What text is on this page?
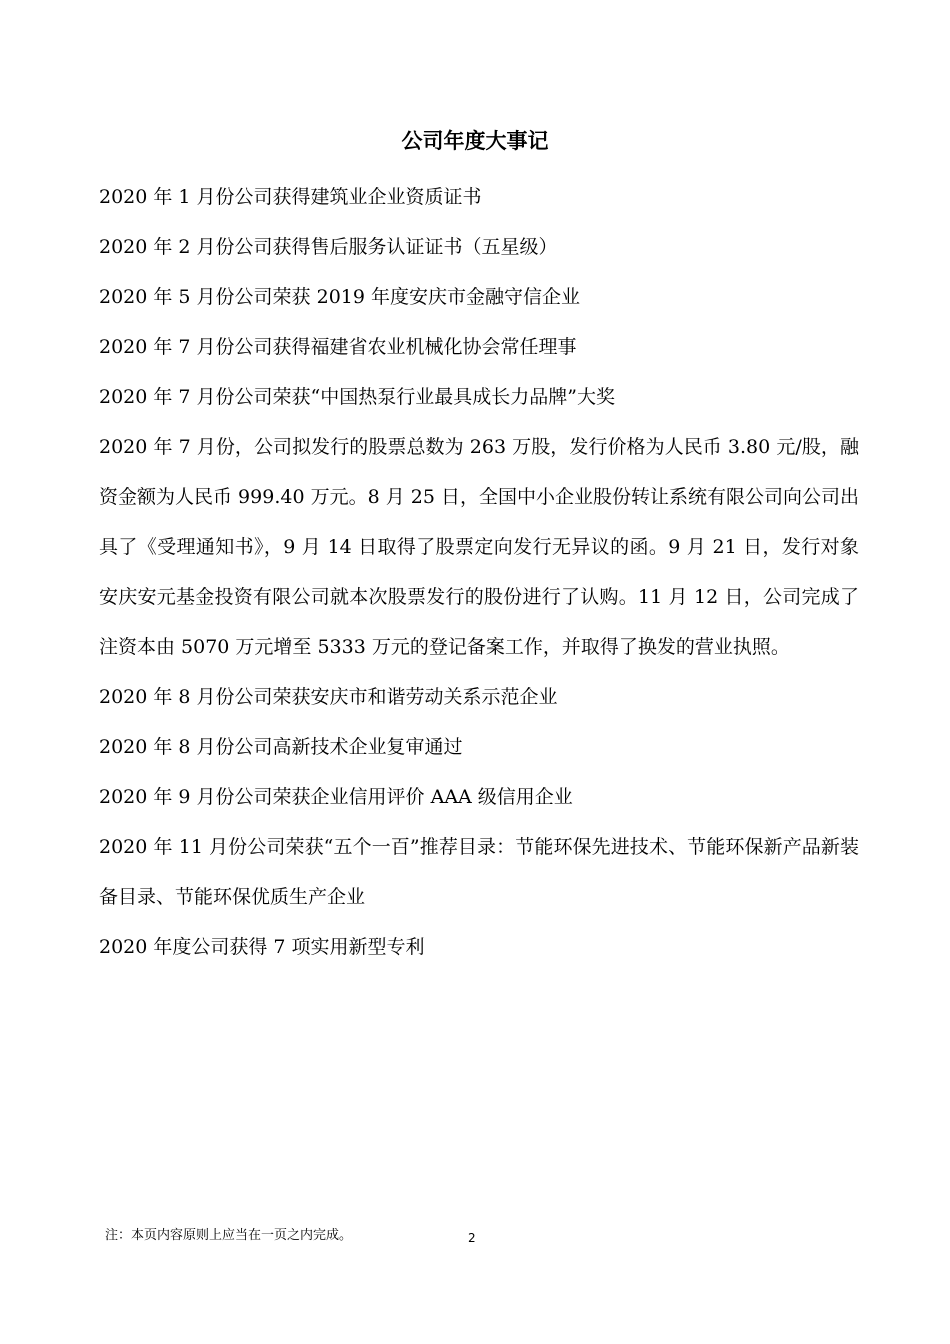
公司年度大事记

2020 年 1 月份公司获得建筑业企业资质证书

2020 年 2 月份公司获得售后服务认证证书（五星级）

2020 年 5 月份公司荣获 2019 年度安庆市金融守信企业

2020 年 7 月份公司获得福建省农业机械化协会常任理事

2020 年 7 月份公司荣获“中国热泵行业最具成长力品牌”大奖

2020 年 7 月份，公司拟发行的股票总数为 263 万股，发行价格为人民币 3.80 元/股，融资金额为人民币 999.40 万元。8 月 25 日，全国中小企业股份转让系统有限公司向公司出具了《受理通知书》，9 月 14 日取得了股票定向发行无异议的函。9 月 21 日，发行对象安庆安元基金投资有限公司就本次股票发行的股份进行了认购。11 月 12 日，公司完成了注资本由 5070 万元增至 5333 万元的登记备案工作，并取得了换发的营业执照。

2020 年 8 月份公司荣获安庆市和谐劳动关系示范企业

2020 年 8 月份公司高新技术企业复审通过

2020 年 9 月份公司荣获企业信用评价 AAA 级信用企业

2020 年 11 月份公司荣获“五个一百”推荐目录：节能环保先进技术、节能环保新产品新装备目录、节能环保优质生产企业

2020 年度公司获得 7 项实用新型专利

注：本页内容原则上应当在一页之内完成。	2
